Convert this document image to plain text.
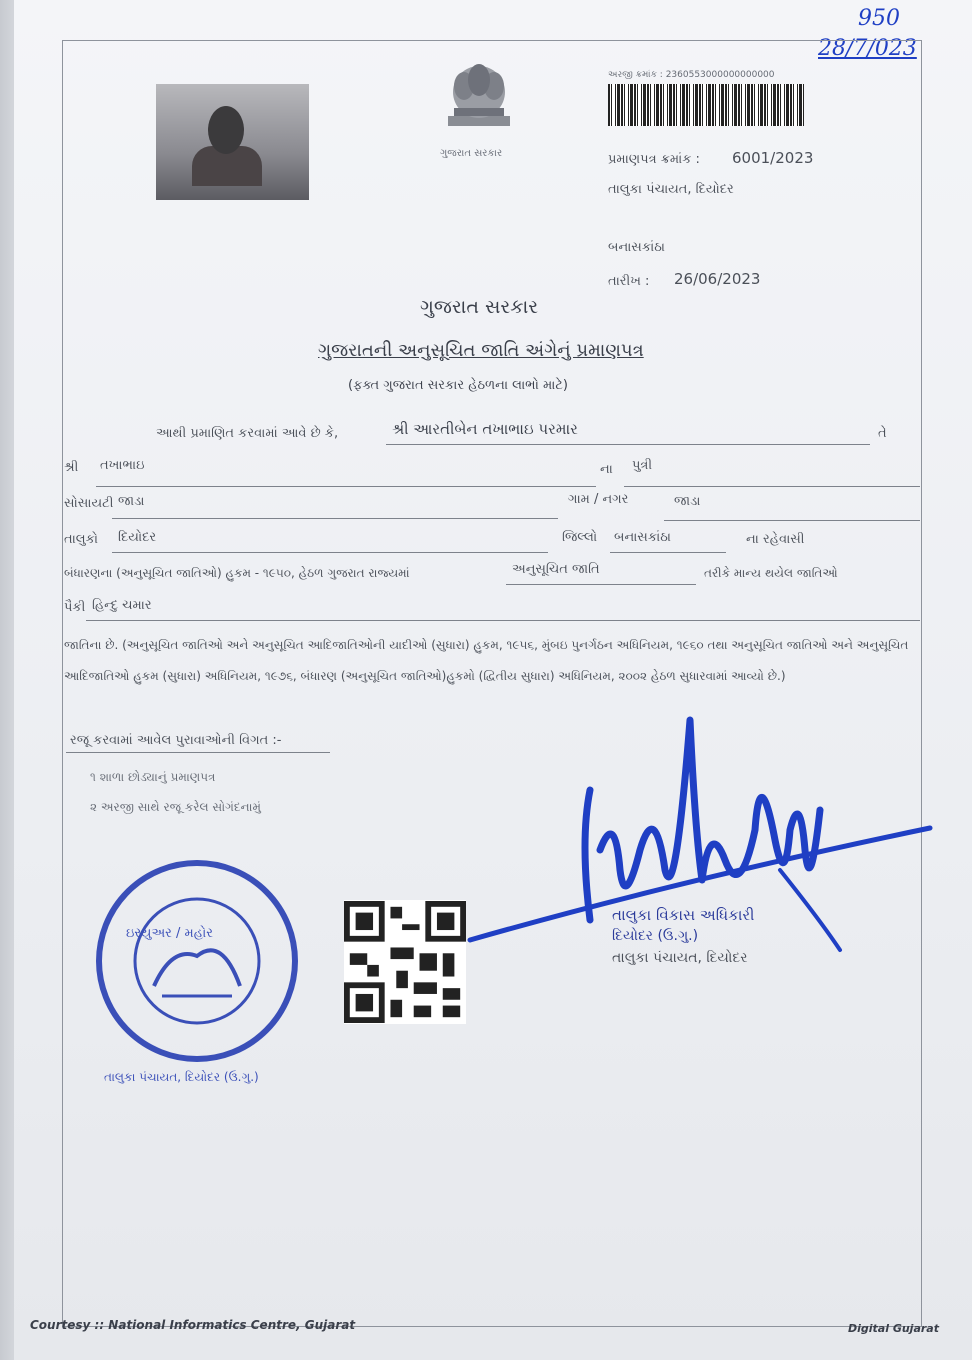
950
28/7/023
ગુજરાત સરકાર
અરજી ક્રમાંક : 2360553000000000000
પ્રમાણપત્ર ક્રમાંક : 6001/2023
તાલુકા પંચાયત, દિયોદર
બનાસકાંઠા
તારીખ : 26/06/2023
ગુજરાત સરકાર
ગુજરાતની અનુસૂચિત જાતિ અંગેનું પ્રમાણપત્ર
(ફક્ત ગુજરાત સરકાર હેઠળના લાભો માટે)
આથી પ્રમાણિત કરવામાં આવે છે કે,	શ્રી આરતીબેન તખાભાઇ પરમાર	તે
શ્રી તખાભાઇ	ના પુત્રી
સોસાયટી જાડા	ગામ / નગર	જાડા
તાલુકો દિયોદર	જિલ્લો બનાસકાંઠા	ના રહેવાસી
બંધારણના (અનુસૂચિત જાતિઓ) હુકમ - ૧૯૫૦, હેઠળ ગુજરાત રાજ્યમાં	અનુસૂચિત જાતિ	તરીકે માન્ય થયેલ જાતિઓ
પૈકી હિન્દુ ચમાર
જાતિના છે. (અનુસૂચિત જાતિઓ અને અનુસૂચિત આદિજાતિઓની યાદીઓ (સુધારા) હુકમ, ૧૯૫૬, મુંબઇ પુનર્ગઠન અધિનિયમ, ૧૯૬૦ તથા અનુસૂચિત જાતિઓ અને અનુસૂચિત આદિજાતિઓ હુકમ (સુધારા) અધિનિયમ, ૧૯૭૬, બંધારણ (અનુસૂચિત જાતિઓ)હુકમો (દ્વિતીય સુધારા) અધિનિયમ, ૨૦૦૨ હેઠળ સુધારવામાં આવ્યો છે.)
રજૂ કરવામાં આવેલ પુરાવાઓની વિગત :-
૧ શાળા છોડ્યાનું પ્રમાણપત્ર
૨ અરજી સાથે રજૂ કરેલ સોગંદનામું
તાલુકા પંચાયત, દિયોદર (ઉ.ગુ.)
ઇસ્યુઅર / મહોર
તાલુકા વિકાસ અધિકારી
દિયોદર (ઉ.ગુ.)
તાલુકા પંચાયત, દિયોદર
Courtesy :: National Informatics Centre, Gujarat	Digital Gujarat
